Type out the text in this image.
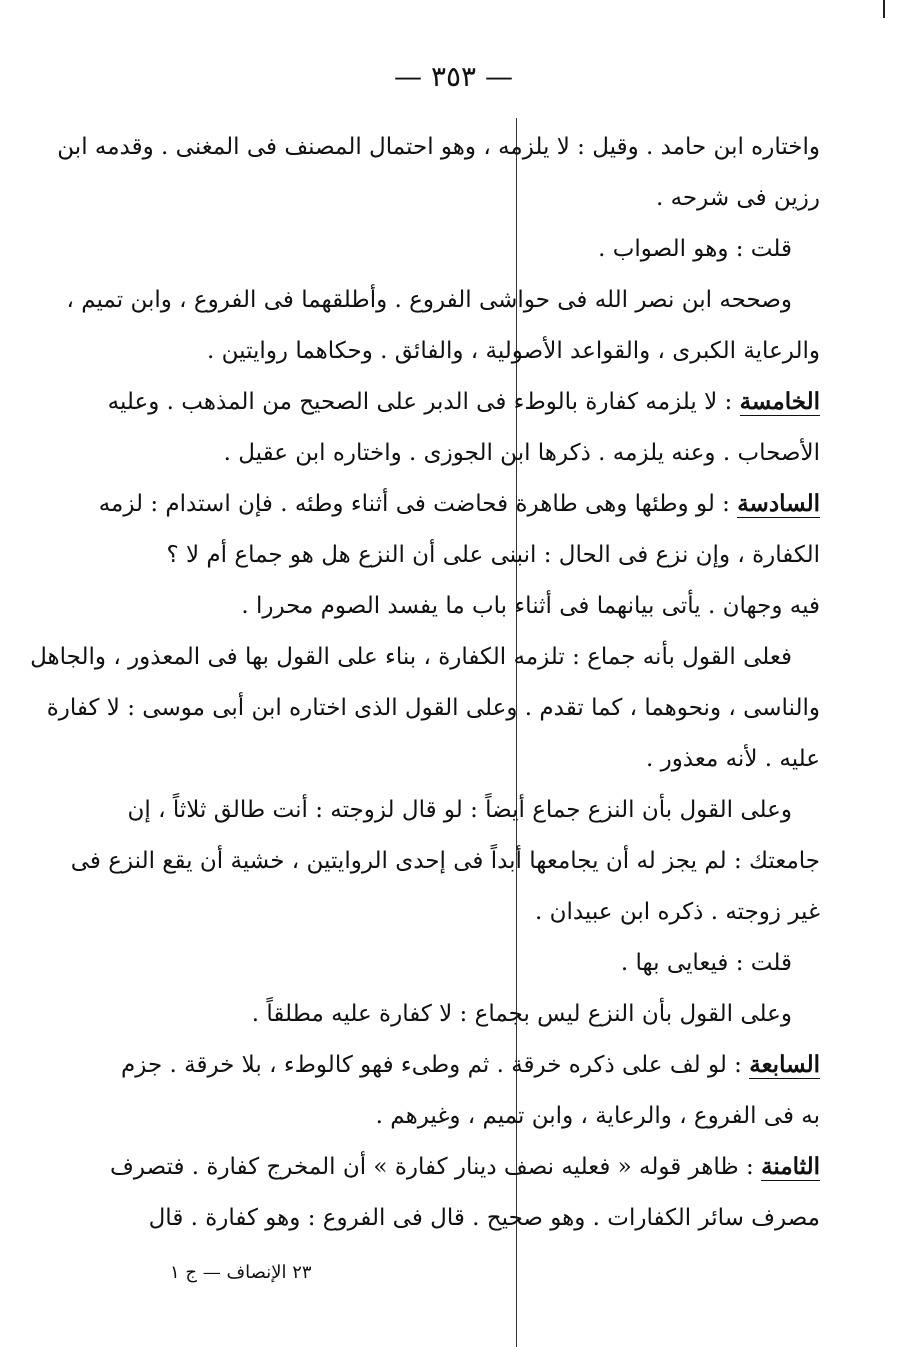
— ٣٥٣ —
واختاره ابن حامد . وقيل : لا يلزمه ، وهو احتمال المصنف فى المغنى . وقدمه ابن
رزين فى شرحه .
قلت : وهو الصواب .
وصححه ابن نصر الله فى حواشى الفروع . وأطلقهما فى الفروع ، وابن تميم ،
والرعاية الكبرى ، والقواعد الأصولية ، والفائق . وحكاهما روايتين .
الخامسة : لا يلزمه كفارة بالوطء فى الدبر على الصحيح من المذهب . وعليه
الأصحاب . وعنه يلزمه . ذكرها ابن الجوزى . واختاره ابن عقيل .
السادسة : لو وطئها وهى طاهرة فحاضت فى أثناء وطئه . فإن استدام : لزمه
الكفارة ، وإن نزع فى الحال : انبنى على أن النزع هل هو جماع أم لا ؟
فيه وجهان . يأتى بيانهما فى أثناء باب ما يفسد الصوم محررا .
فعلى القول بأنه جماع : تلزمه الكفارة ، بناء على القول بها فى المعذور ، والجاهل
والناسى ، ونحوهما ، كما تقدم . وعلى القول الذى اختاره ابن أبى موسى : لا كفارة
عليه . لأنه معذور .
وعلى القول بأن النزع جماع أيضاً : لو قال لزوجته : أنت طالق ثلاثاً ، إن
جامعتك : لم يجز له أن يجامعها أبداً فى إحدى الروايتين ، خشية أن يقع النزع فى
غير زوجته . ذكره ابن عبيدان .
قلت : فيعايى بها .
وعلى القول بأن النزع ليس بجماع : لا كفارة عليه مطلقاً .
السابعة : لو لف على ذكره خرقة . ثم وطىء فهو كالوطء ، بلا خرقة . جزم
به فى الفروع ، والرعاية ، وابن تميم ، وغيرهم .
الثامنة : ظاهر قوله « فعليه نصف دينار كفارة » أن المخرج كفارة . فتصرف
مصرف سائر الكفارات . وهو صحيح . قال فى الفروع : وهو كفارة . قال
٢٣ الإنصاف — ج ١
